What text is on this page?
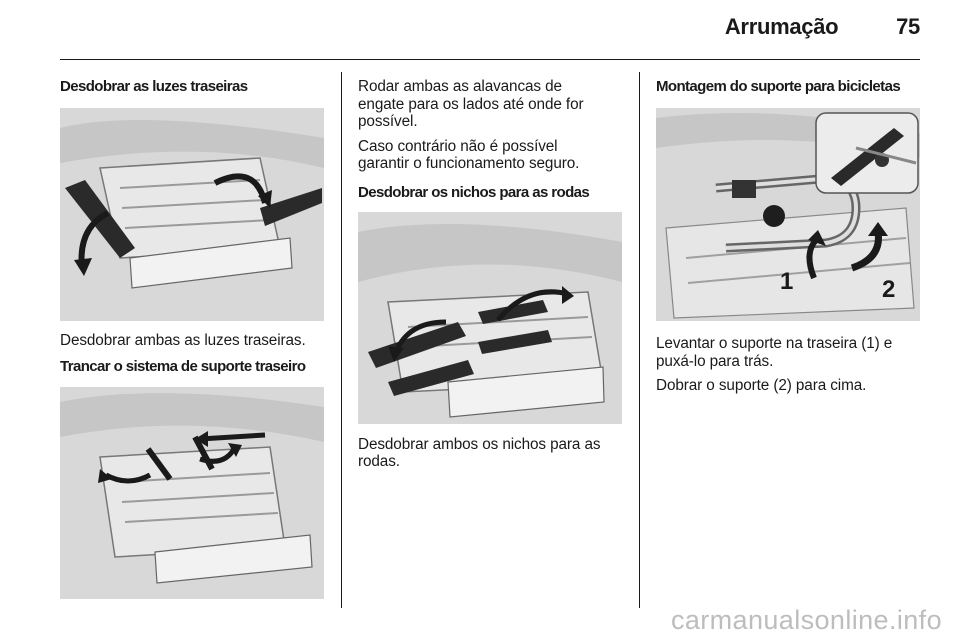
Arrumação	75
Desdobrar as luzes traseiras

Desdobrar ambas as luzes traseiras.

Trancar o sistema de suporte traseiro

Rodar ambas as alavancas de
engate para os lados até onde for
possível.

Caso contrário não é possível
garantir o funcionamento seguro.

Desdobrar os nichos para as rodas

Desdobrar ambos os nichos para as
rodas.

Montagem do suporte para bicicletas
1	2

Levantar o suporte na traseira (1) e
puxá-lo para trás.

Dobrar o suporte (2) para cima.

carmanualsonline.info
